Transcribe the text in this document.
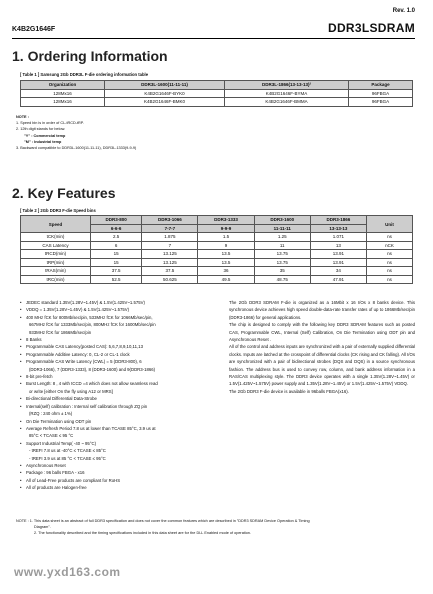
Rev. 1.0
K4B2G1646F	DDR3LSDRAM
1. Ordering Information
[ Table 1 ] Samsung 2Gb DDR3L F-die ordering information table
Organization	DDR3L-1600(11-11-11)	DDR3L-1866(13-13-13)²	Package
128Mx16	K4B2G1646F-BYK0	K4B2G1646F-BYMA	96FBGA
128Mx16	K4B2G1646F-BMK0	K4B2G1646F-BMMA	96FBGA
NOTE :
1. Speed bin is in order of CL-tRCD-tRP.
2. 12th digit stands for below.
"Y" : Commercial temp
"M" : Industrial temp
3. Backward compatible to DDR3L-1600(11-11-11), DDR3L-1333(9-9-9)
2. Key Features
[ Table 2 ] 2Gb DDR3 F-die Speed bins
Speed	DDR3-800	DDR3-1066	DDR3-1333	DDR3-1600	DDR3-1866	Unit
	6-6-6	7-7-7	9-9-9	11-11-11	13-13-13	
tCK(min)	2.5	1.875	1.5	1.25	1.071	ns
CAS Latency	6	7	9	11	13	nCK
tRCD(min)	15	13.125	13.5	13.75	13.91	ns
tRP(min)	15	13.125	13.5	13.75	13.91	ns
tRAS(min)	37.5	37.5	36	35	34	ns
tRC(min)	52.5	50.625	49.5	48.75	47.91	ns
• JEDEC standard 1.35V(1.28V~1.45V) & 1.5V(1.425V~1.575V)
• VDDQ = 1.35V(1.28V~1.45V) & 1.5V(1.425V~1.575V)
• 400 MHz fCK for 800Mb/sec/pin, 533MHz fCK for 1066Mb/sec/pin,
667MHz fCK for 1333Mb/sec/pin, 800MHz fCK for 1600Mb/sec/pin
933MHz fCK for 1866Mb/sec/pin
• 8 Banks
• Programmable CAS Latency(posted CAS): 5,6,7,8,9,10,11,13
• Programmable Additive Latency: 0, CL-2 or CL-1 clock
• Programmable CAS Write Latency (CWL) = 5 (DDR3-800), 6
(DDR3-1066), 7 (DDR3-1333), 8 (DDR3-1600) and 9(DDR3-1866)
• 8-bit pre-fetch
• Burst Length: 8 , 4 with tCCD =4 which does not allow seamless read
or write [either On the fly using A12 or MRS]
• Bi-directional Differential Data-Strobe
• Internal(self) calibration : Internal self calibration through ZQ pin
(RZQ : 240 ohm ± 1%)
• On Die Termination using ODT pin
• Average Refresh Period 7.8 us at lower than TCASE 85°C, 3.9 us at
85°C < TCASE ≤ 95 °C
• Support Industrial Temp( -40 ~ 95°C)
- tREFI 7.8 us at -40°C ≤ TCASE ≤ 85°C
- tREFI 3.9 us at 85 °C < TCASE ≤ 95°C
• Asynchronous Reset
• Package : 96 balls FBGA - x16
• All of Lead-Free products are compliant for RoHS
• All of products are Halogen-free

The 2Gb DDR3 SDRAM F-die is organized as a 16Mbit x 16 I/Os x 8 banks device. This synchronous device achieves high speed double-data-rate transfer rates of up to 1866Mb/sec/pin (DDR3-1866) for general applications.

The chip is designed to comply with the following key DDR3 SDRAM features such as posted CAS, Programmable CWL, Internal (Self) Calibration, On Die Termination using ODT pin and Asynchronous Reset .

All of the control and address inputs are synchronized with a pair of externally supplied differential clocks. Inputs are latched at the crosspoint of differential clocks (CK rising and CK falling). All I/Os are synchronized with a pair of bidirectional strobes (DQS and DQS) in a source synchronous fashion. The address bus is used to convey row, column, and bank address information in a RAS/CAS multiplexing style. The DDR3 device operates with a single 1.35V(1.28V~1.45V) or 1.5V(1.425V~1.575V) power supply and 1.35V(1.28V~1.45V) or 1.5V(1.425V~1.575V) VDDQ.

The 2Gb DDR3 F-die device is available in 96balls FBGA(x16).

NOTE : 1. This data sheet is an abstract of full DDR3 specification and does not cover the common features which are described in "DDR3 SDRAM Device Operation & Timing
Diagram".
2. The functionality described and the timing specifications included in this data sheet are for the DLL Enabled mode of operation.
www.yxd163.com
